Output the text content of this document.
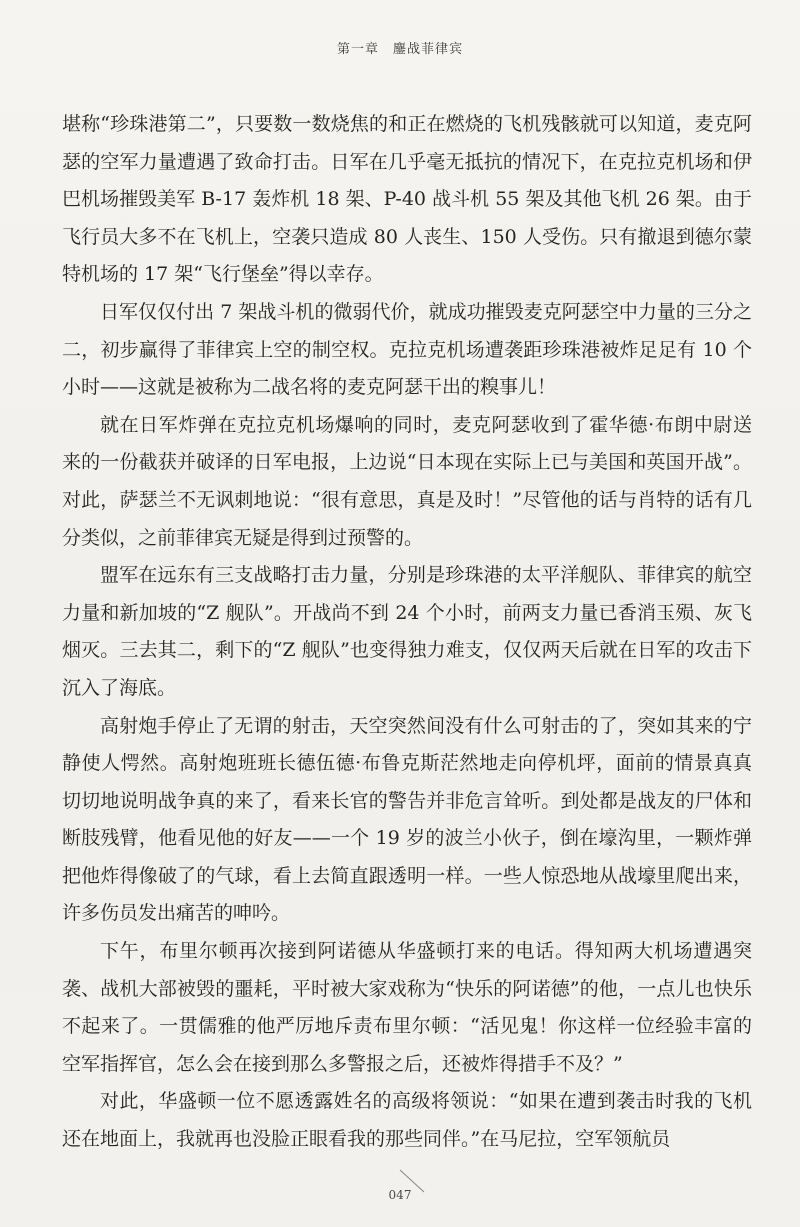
第一章 鏖战菲律宾

堪称“珍珠港第二”，只要数一数烧焦的和正在燃烧的飞机残骸就可以知道，麦克阿瑟的空军力量遭遇了致命打击。日军在几乎毫无抵抗的情况下，在克拉克机场和伊巴机场摧毁美军 B-17 轰炸机 18 架、P-40 战斗机 55 架及其他飞机 26 架。由于飞行员大多不在飞机上，空袭只造成 80 人丧生、150 人受伤。只有撤退到德尔蒙特机场的 17 架“飞行堡垒”得以幸存。

日军仅仅付出 7 架战斗机的微弱代价，就成功摧毁麦克阿瑟空中力量的三分之二，初步赢得了菲律宾上空的制空权。克拉克机场遭袭距珍珠港被炸足足有 10 个小时——这就是被称为二战名将的麦克阿瑟干出的糗事儿！

就在日军炸弹在克拉克机场爆响的同时，麦克阿瑟收到了霍华德·布朗中尉送来的一份截获并破译的日军电报，上边说“日本现在实际上已与美国和英国开战”。对此，萨瑟兰不无讽刺地说：“很有意思，真是及时！”尽管他的话与肖特的话有几分类似，之前菲律宾无疑是得到过预警的。

盟军在远东有三支战略打击力量，分别是珍珠港的太平洋舰队、菲律宾的航空力量和新加坡的“Z 舰队”。开战尚不到 24 个小时，前两支力量已香消玉殒、灰飞烟灭。三去其二，剩下的“Z 舰队”也变得独力难支，仅仅两天后就在日军的攻击下沉入了海底。

高射炮手停止了无谓的射击，天空突然间没有什么可射击的了，突如其来的宁静使人愕然。高射炮班班长德伍德·布鲁克斯茫然地走向停机坪，面前的情景真真切切地说明战争真的来了，看来长官的警告并非危言耸听。到处都是战友的尸体和断肢残臂，他看见他的好友——一个 19 岁的波兰小伙子，倒在壕沟里，一颗炸弹把他炸得像破了的气球，看上去简直跟透明一样。一些人惊恐地从战壕里爬出来，许多伤员发出痛苦的呻吟。

下午，布里尔顿再次接到阿诺德从华盛顿打来的电话。得知两大机场遭遇突袭、战机大部被毁的噩耗，平时被大家戏称为“快乐的阿诺德”的他，一点儿也快乐不起来了。一贯儒雅的他严厉地斥责布里尔顿：“活见鬼！你这样一位经验丰富的空军指挥官，怎么会在接到那么多警报之后，还被炸得措手不及？”

对此，华盛顿一位不愿透露姓名的高级将领说：“如果在遭到袭击时我的飞机还在地面上，我就再也没脸正眼看我的那些同伴。”在马尼拉，空军领航员

047
